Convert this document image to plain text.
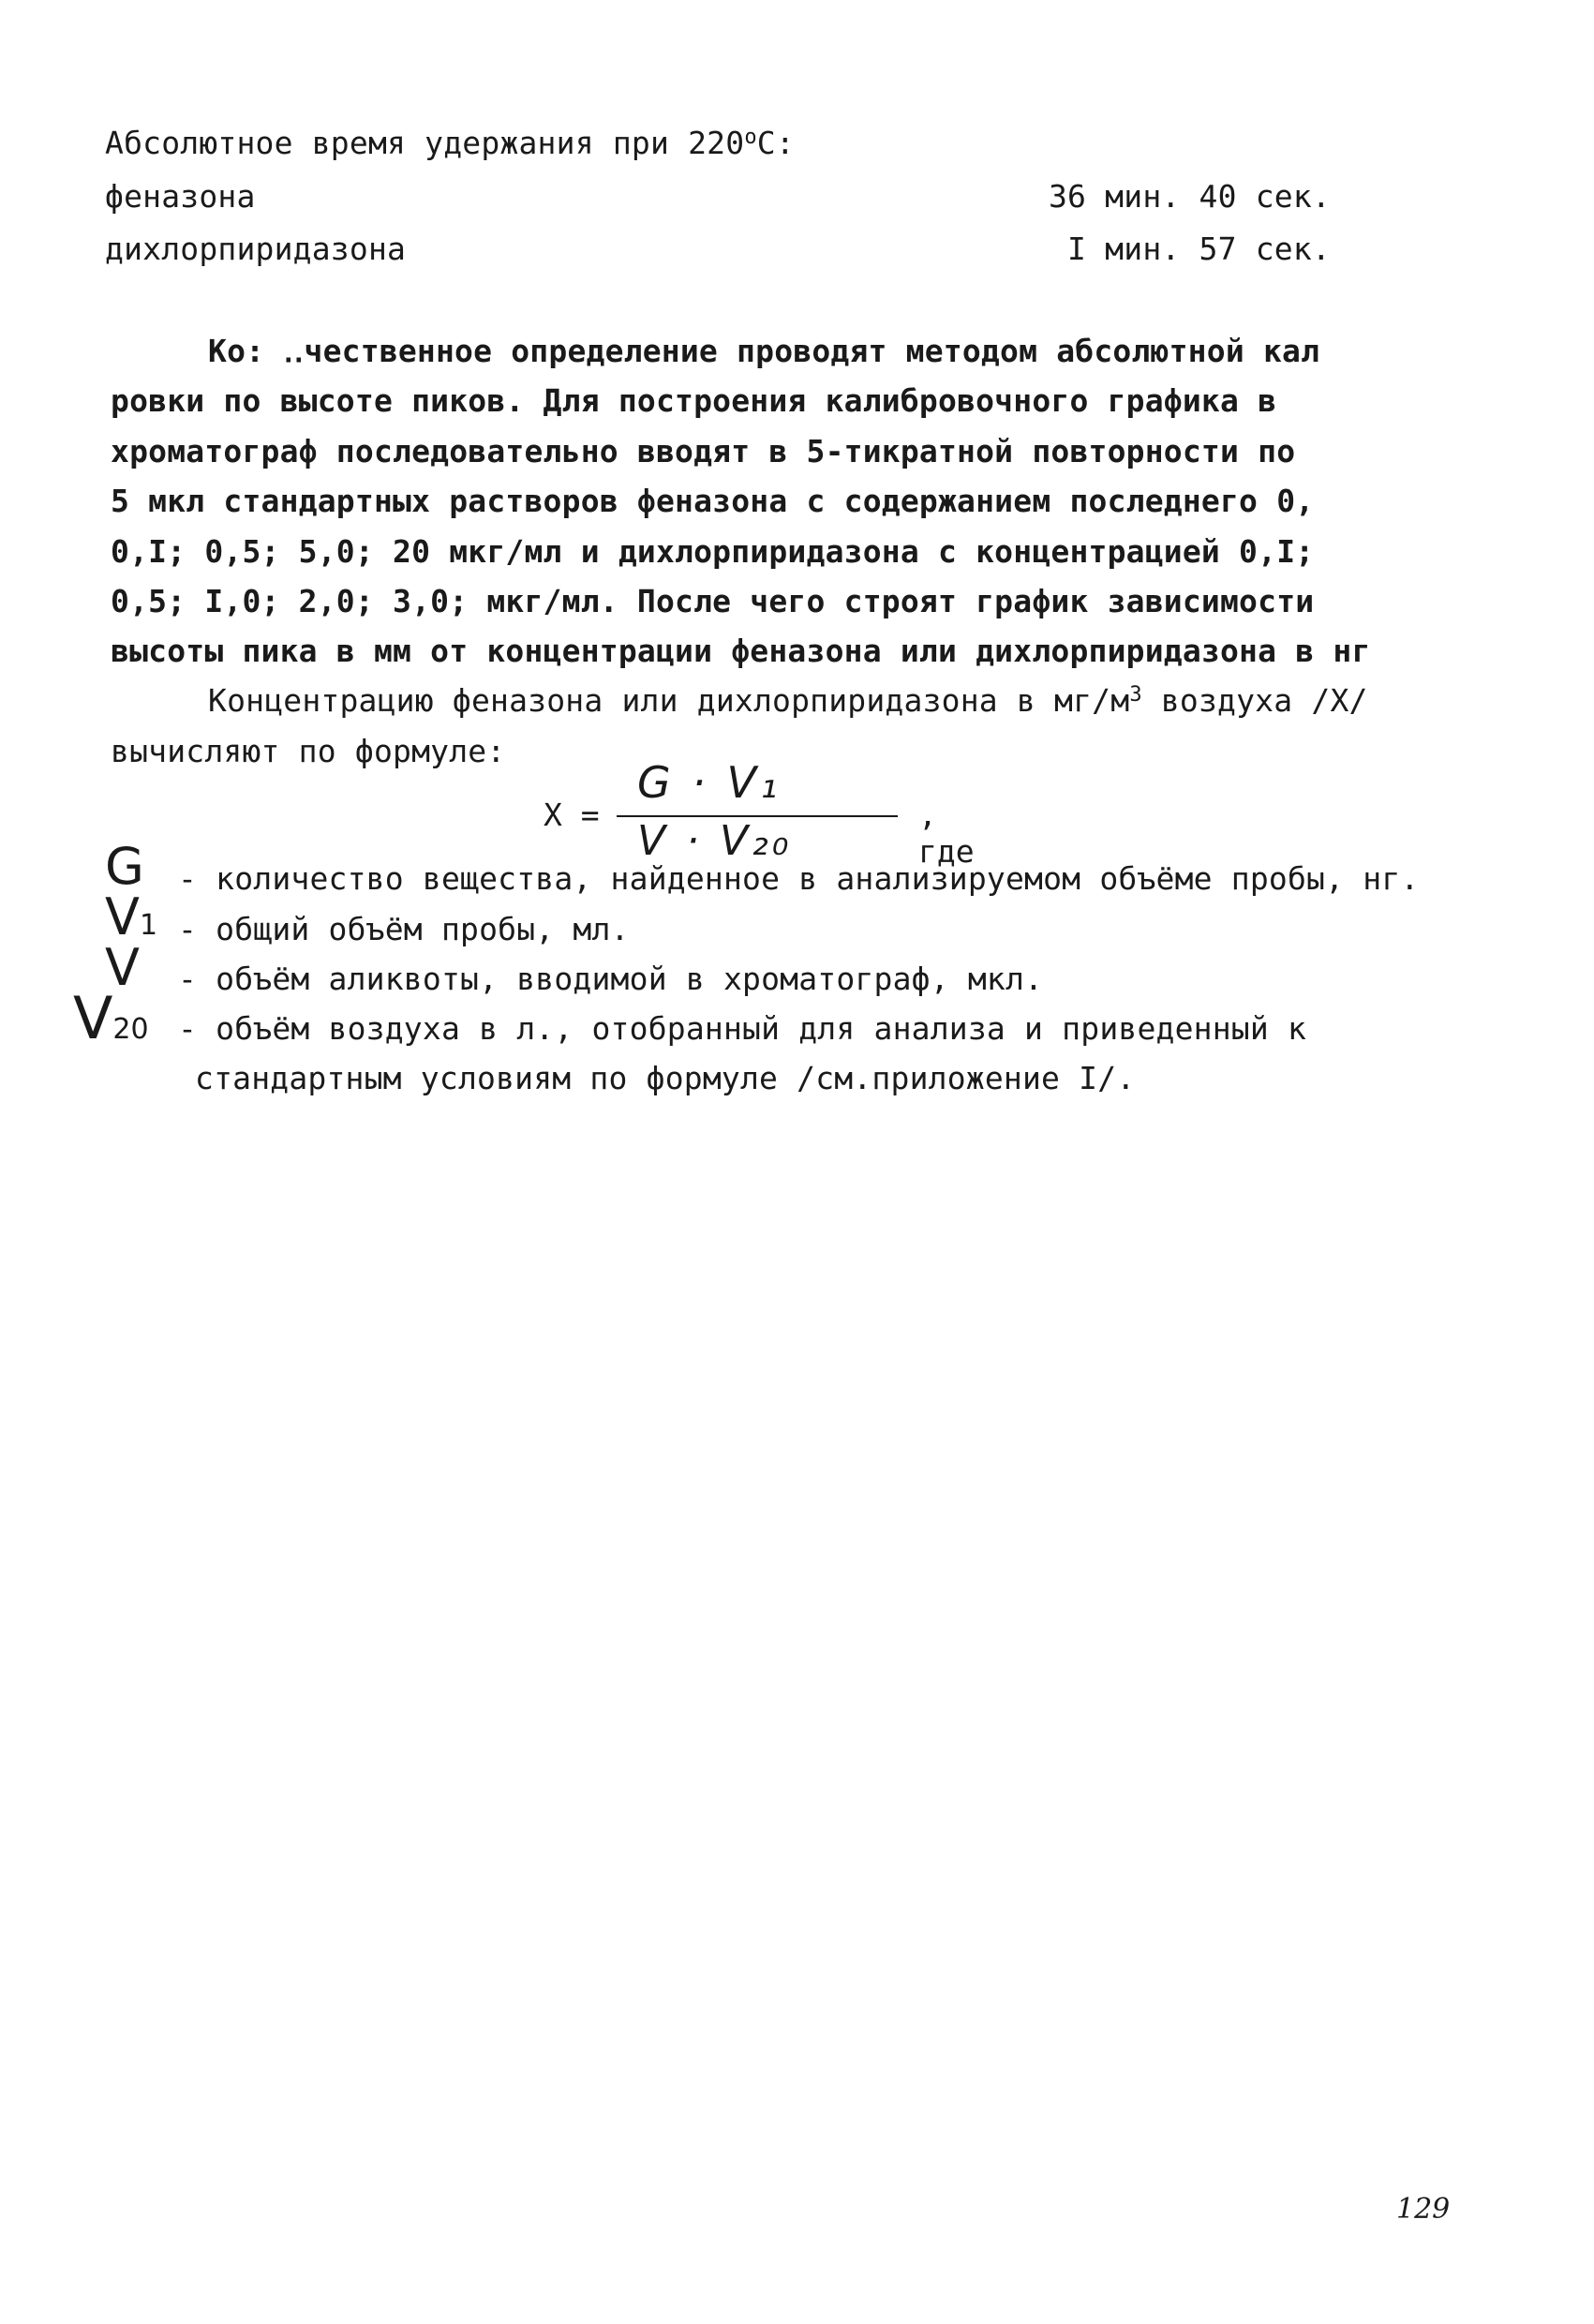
Абсолютное время удержания при $220^оС$:
феназона	36 мин. 40 сек.
дихлорпиридазона	I мин. 57 сек.
Ко: ‥чественное определение проводят методом абсолютной кал
ровки по высоте пиков. Для построения калибровочного графика в
хроматограф последовательно вводят в 5-тикратной повторности по
5 мкл стандартных растворов феназона с содержанием последнего 0,
0,I; 0,5; 5,0; 20 мкг/мл и дихлорпиридазона с концентрацией 0,I;
0,5; I,0; 2,0; 3,0; мкг/мл. После чего строят график зависимости
высоты пика в мм от концентрации феназона или дихлорпиридазона в нг
Концентрацию феназона или дихлорпиридазона в $мг/м^3$ воздуха /X/
вычисляют по формуле:
X =
G · V₁
V · V₂₀
, где
G - количество вещества, найденное в анализируемом объёме пробы, нг.
V1 - общий объём пробы, мл.
V - объём аликвоты, вводимой в хроматограф, мкл.
V20 - объём воздуха в л., отобранный для анализа и приведенный к
стандартным условиям по формуле /см.приложение I/.
129
